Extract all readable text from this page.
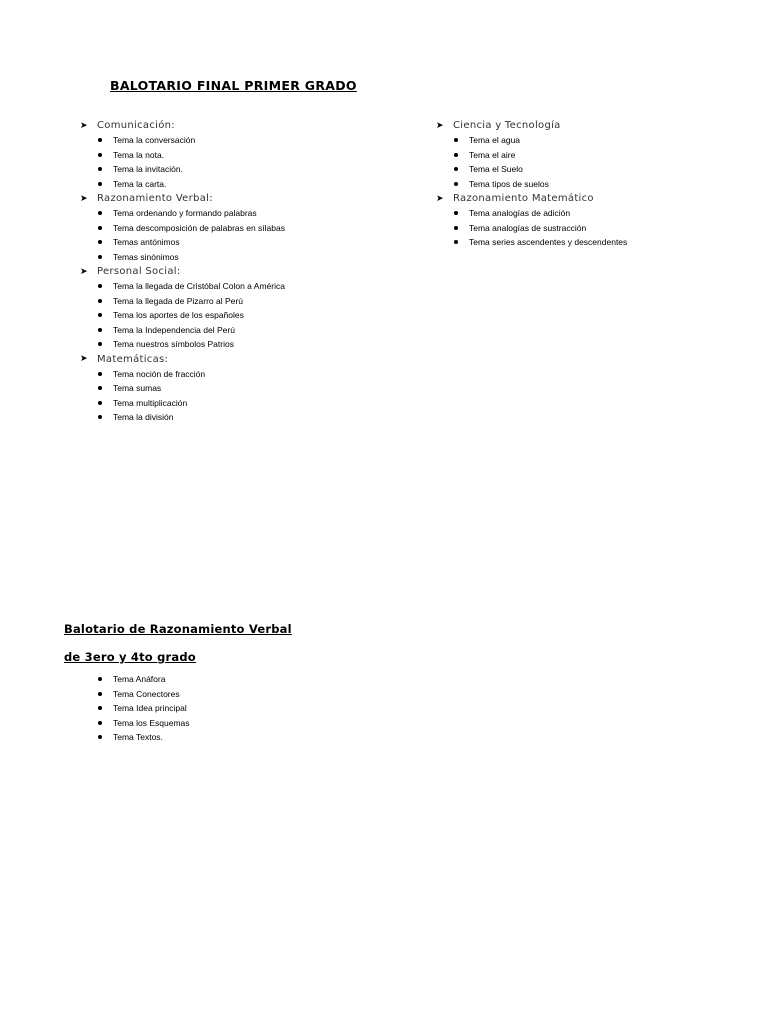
BALOTARIO FINAL PRIMER GRADO
➤ Comunicación:
Tema la conversación
Tema la nota.
Tema la invitación.
Tema la carta.
➤ Razonamiento Verbal:
Tema ordenando y formando palabras
Tema descomposición de palabras en sílabas
Temas antónimos
Temas sinónimos
➤ Personal Social:
Tema la llegada de Cristóbal Colon a América
Tema la llegada de Pizarro al Perú
Tema los aportes de los españoles
Tema la Independencia del Perú
Tema nuestros símbolos Patrios
➤ Matemáticas:
Tema noción de fracción
Tema sumas
Tema multiplicación
Tema la división
➤ Ciencia y Tecnología
Tema el agua
Tema el aire
Tema el Suelo
Tema tipos de suelos
➤ Razonamiento Matemático
Tema analogías de adición
Tema analogías de sustracción
Tema series ascendentes y descendentes
Balotario de Razonamiento Verbal
de 3ero y 4to grado
Tema Anáfora
Tema Conectores
Tema Idea principal
Tema los Esquemas
Tema Textos.
